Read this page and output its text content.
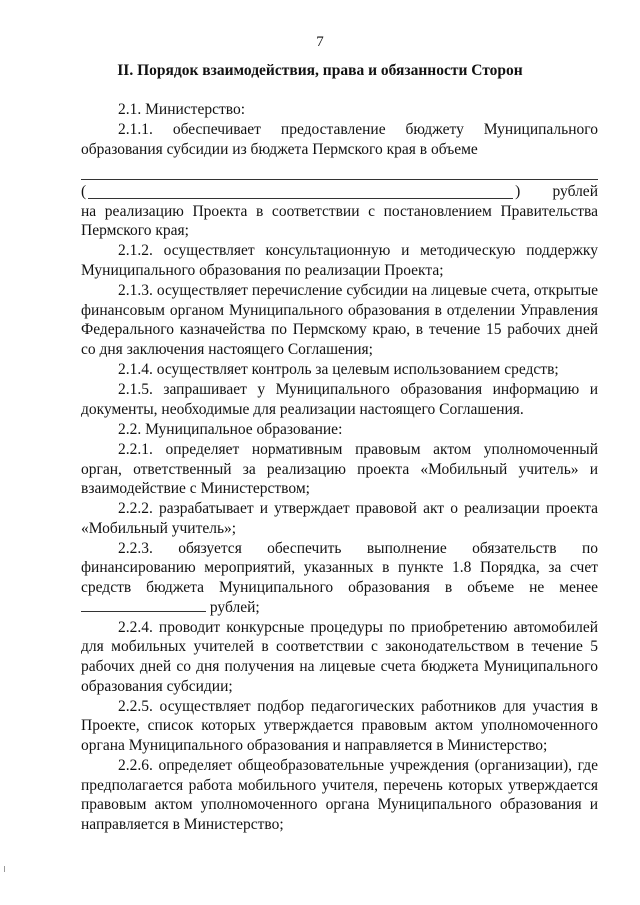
7
II. Порядок взаимодействия, права и обязанности Сторон

2.1. Министерство:

2.1.1. обеспечивает предоставление бюджету Муниципального образования субсидии из бюджета Пермского края в объеме

(	) рублей

на реализацию Проекта в соответствии с постановлением Правительства Пермского края;

2.1.2. осуществляет консультационную и методическую поддержку Муниципального образования по реализации Проекта;

2.1.3. осуществляет перечисление субсидии на лицевые счета, открытые финансовым органом Муниципального образования в отделении Управления Федерального казначейства по Пермскому краю, в течение 15 рабочих дней со дня заключения настоящего Соглашения;

2.1.4. осуществляет контроль за целевым использованием средств;

2.1.5. запрашивает у Муниципального образования информацию и документы, необходимые для реализации настоящего Соглашения.

2.2. Муниципальное образование:

2.2.1. определяет нормативным правовым актом уполномоченный орган, ответственный за реализацию проекта «Мобильный учитель» и взаимодействие с Министерством;

2.2.2. разрабатывает и утверждает правовой акт о реализации проекта «Мобильный учитель»;

2.2.3. обязуется обеспечить выполнение обязательств по финансированию мероприятий, указанных в пункте 1.8 Порядка, за счет средств бюджета Муниципального образования в объеме не менее  рублей;

2.2.4. проводит конкурсные процедуры по приобретению автомобилей для мобильных учителей в соответствии с законодательством в течение 5 рабочих дней со дня получения на лицевые счета бюджета Муниципального образования субсидии;

2.2.5. осуществляет подбор педагогических работников для участия в Проекте, список которых утверждается правовым актом уполномоченного органа Муниципального образования и направляется в Министерство;

2.2.6. определяет общеобразовательные учреждения (организации), где предполагается работа мобильного учителя, перечень которых утверждается правовым актом уполномоченного органа Муниципального образования и направляется в Министерство;
